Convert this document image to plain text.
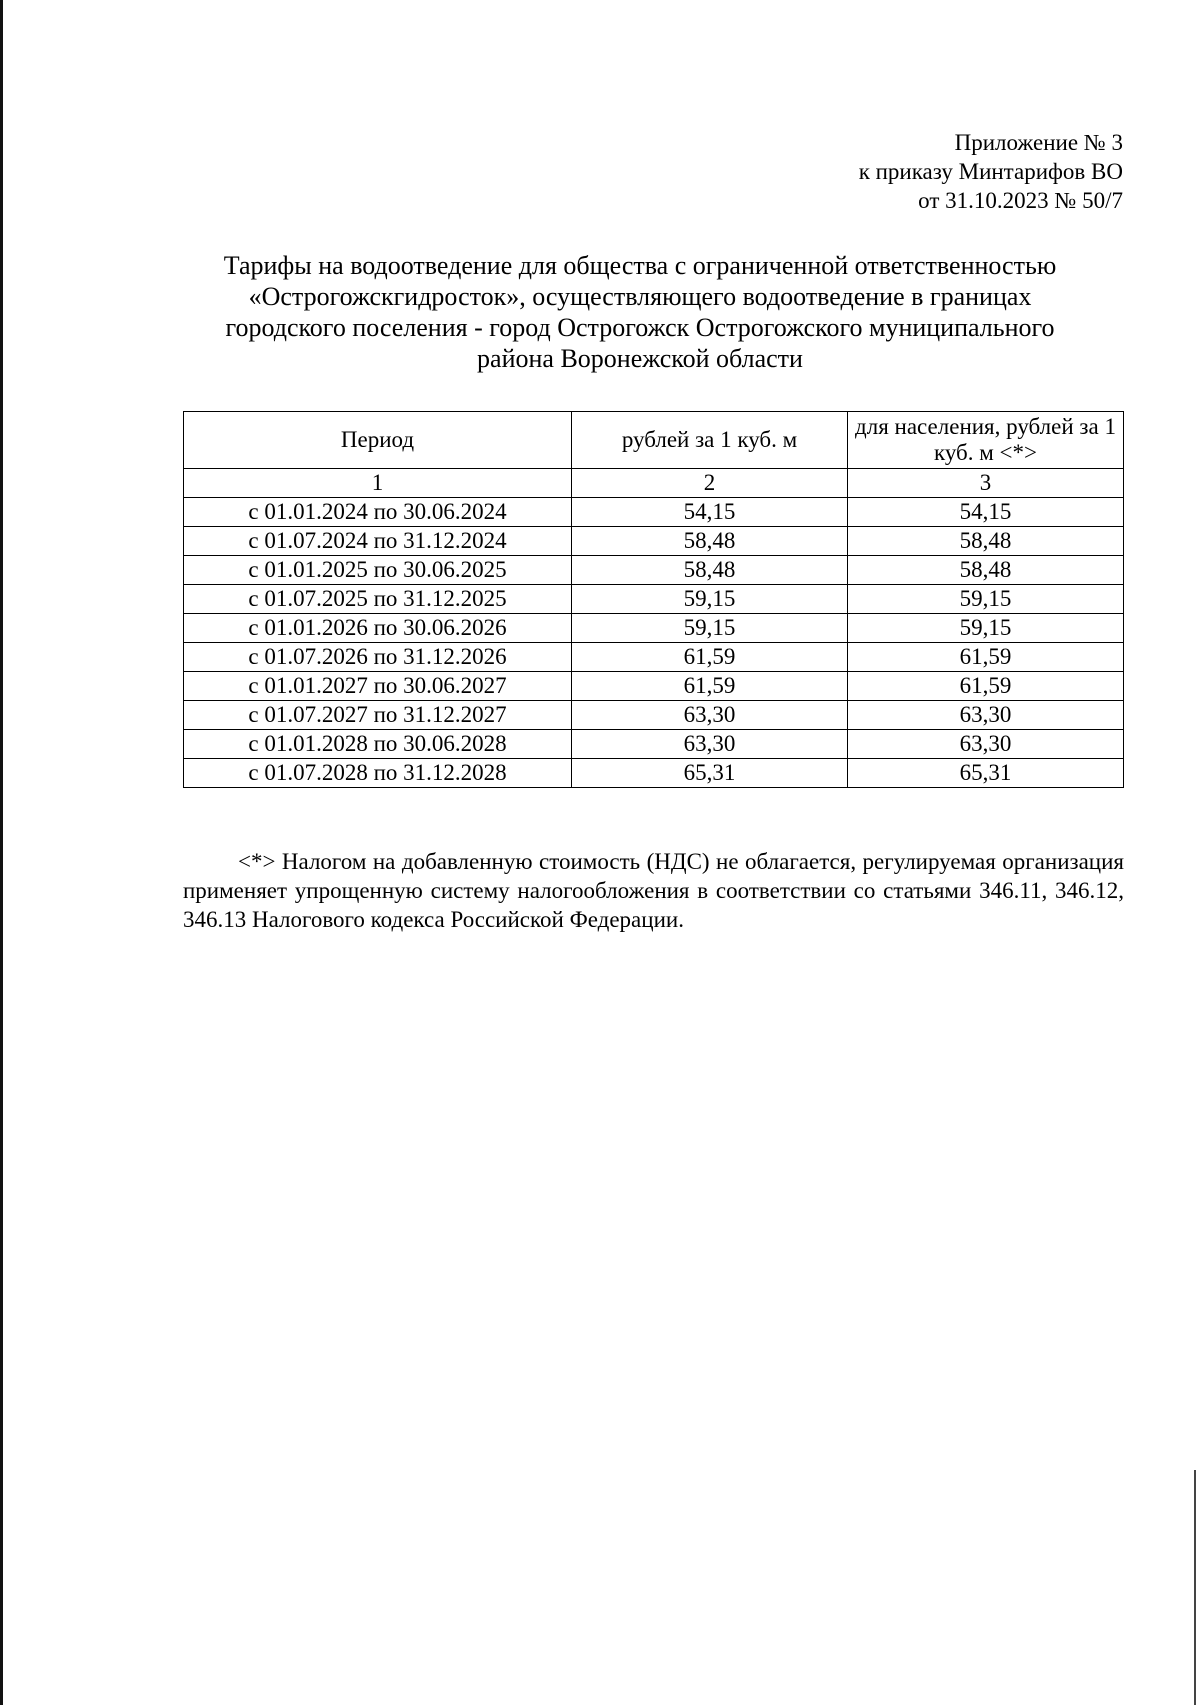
Приложение № 3
к приказу Минтарифов ВО
от 31.10.2023 № 50/7
Тарифы на водоотведение для общества с ограниченной ответственностью
«Острогожскгидросток», осуществляющего водоотведение в границах
городского поселения - город Острогожск Острогожского муниципального
района Воронежской области
Период	рублей за 1 куб. м	для населения, рублей за 1 куб. м <*>
1	2	3
с 01.01.2024 по 30.06.2024	54,15	54,15
с 01.07.2024 по 31.12.2024	58,48	58,48
с 01.01.2025 по 30.06.2025	58,48	58,48
с 01.07.2025 по 31.12.2025	59,15	59,15
с 01.01.2026 по 30.06.2026	59,15	59,15
с 01.07.2026 по 31.12.2026	61,59	61,59
с 01.01.2027 по 30.06.2027	61,59	61,59
с 01.07.2027 по 31.12.2027	63,30	63,30
с 01.01.2028 по 30.06.2028	63,30	63,30
с 01.07.2028 по 31.12.2028	65,31	65,31

<*> Налогом на добавленную стоимость (НДС) не облагается, регулируемая организация применяет упрощенную систему налогообложения в соответствии со статьями 346.11, 346.12, 346.13 Налогового кодекса Российской Федерации.
